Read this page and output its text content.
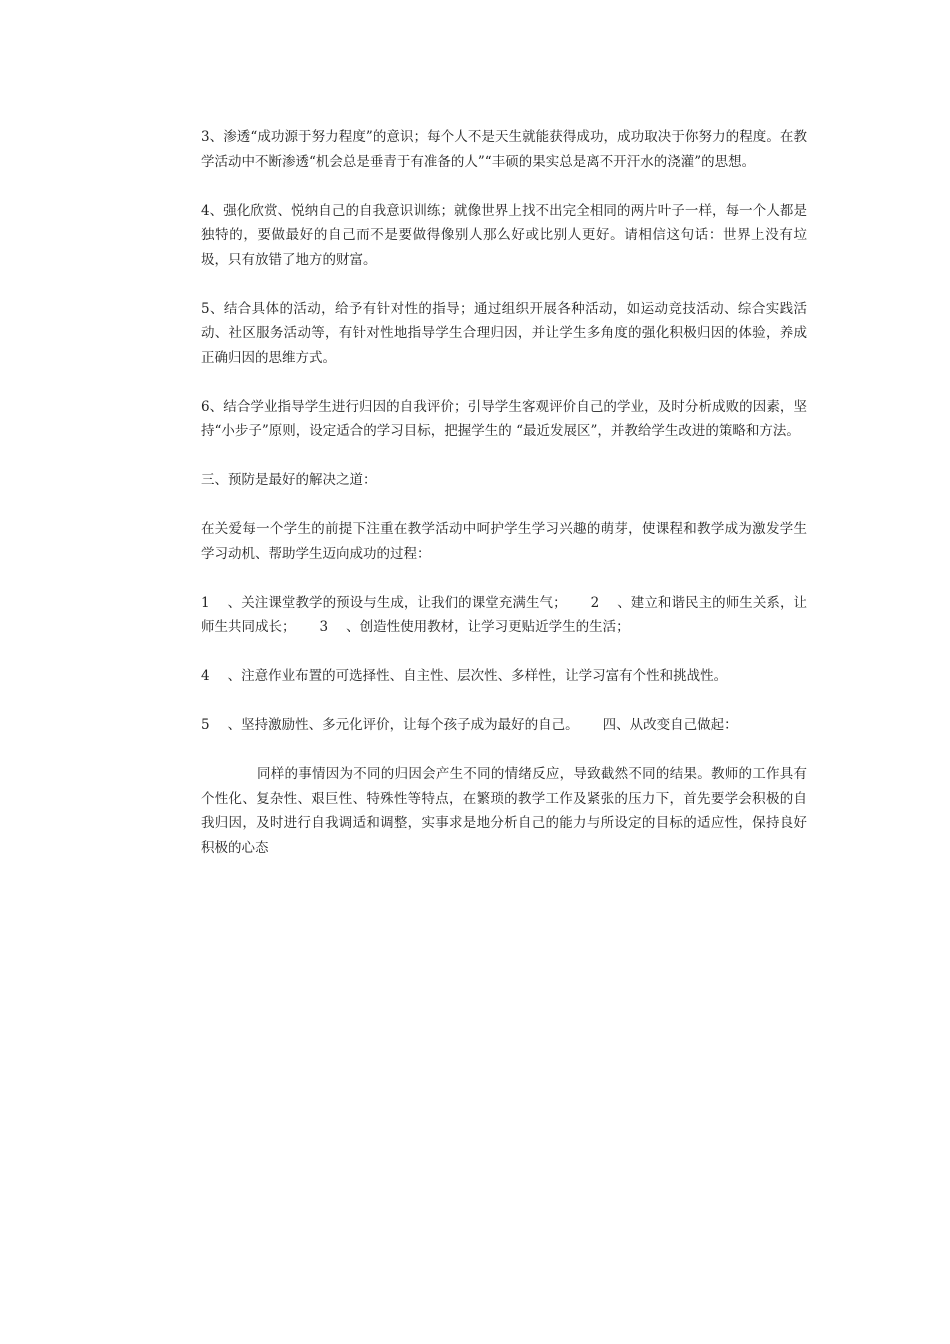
3、渗透“成功源于努力程度”的意识；每个人不是天生就能获得成功，成功取决于你努力的程度。在教学活动中不断渗透“机会总是垂青于有准备的人”“丰硕的果实总是离不开汗水的浇灌”的思想。

4、强化欣赏、悦纳自己的自我意识训练；就像世界上找不出完全相同的两片叶子一样，每一个人都是独特的，要做最好的自己而不是要做得像别人那么好或比别人更好。请相信这句话：世界上没有垃圾，只有放错了地方的财富。

5、结合具体的活动，给予有针对性的指导；通过组织开展各种活动，如运动竞技活动、综合实践活动、社区服务活动等，有针对性地指导学生合理归因，并让学生多角度的强化积极归因的体验，养成正确归因的思维方式。

6、结合学业指导学生进行归因的自我评价；引导学生客观评价自己的学业，及时分析成败的因素，坚持“小步子”原则，设定适合的学习目标，把握学生的 “最近发展区”，并教给学生改进的策略和方法。

三、预防是最好的解决之道：

在关爱每一个学生的前提下注重在教学活动中呵护学生学习兴趣的萌芽，使课程和教学成为激发学生学习动机、帮助学生迈向成功的过程：

1 、关注课堂教学的预设与生成，让我们的课堂充满生气； 2 、建立和谐民主的师生关系，让师生共同成长； 3 、创造性使用教材，让学习更贴近学生的生活；

4 、注意作业布置的可选择性、自主性、层次性、多样性，让学习富有个性和挑战性。

5 、坚持激励性、多元化评价，让每个孩子成为最好的自己。 四、从改变自己做起：

同样的事情因为不同的归因会产生不同的情绪反应，导致截然不同的结果。教师的工作具有个性化、复杂性、艰巨性、特殊性等特点，在繁琐的教学工作及紧张的压力下，首先要学会积极的自我归因，及时进行自我调适和调整，实事求是地分析自己的能力与所设定的目标的适应性，保持良好积极的心态
